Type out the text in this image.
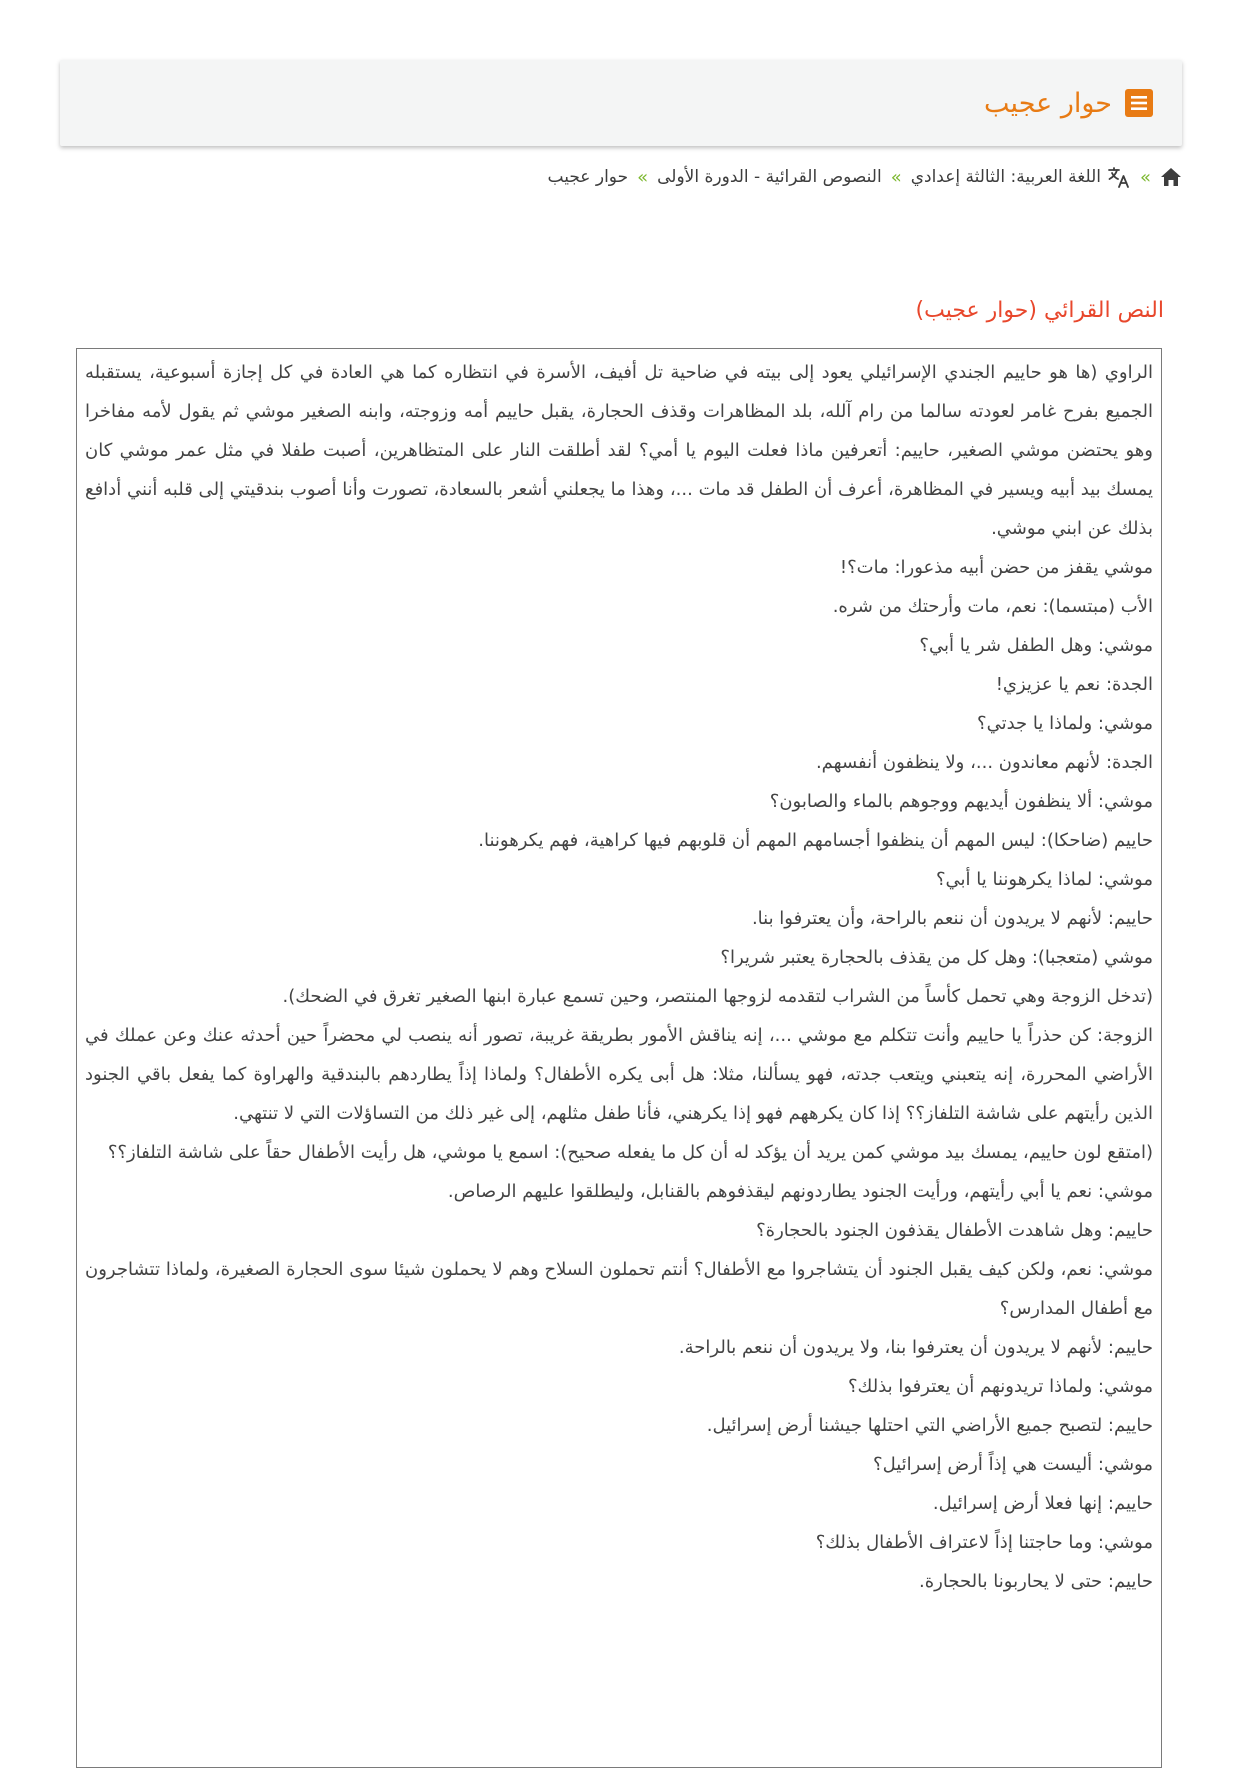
حوار عجيب
»
اللغة العربية: الثالثة إعدادي
»
النصوص القرائية - الدورة الأولى
»
حوار عجيب
النص القرائي (حوار عجيب)

الراوي (ها هو حاييم الجندي الإسرائيلي يعود إلى بيته في ضاحية تل أفيف، الأسرة في انتظاره كما هي العادة في كل إجازة أسبوعية، يستقبله الجميع بفرح غامر لعودته سالما من رام آلله، بلد المظاهرات وقذف الحجارة، يقبل حاييم أمه وزوجته، وابنه الصغير موشي ثم يقول لأمه مفاخرا وهو يحتضن موشي الصغير، حاييم: أتعرفين ماذا فعلت اليوم يا أمي؟ لقد أطلقت النار على المتظاهرين، أصبت طفلا في مثل عمر موشي كان يمسك بيد أبيه ويسير في المظاهرة، أعرف أن الطفل قد مات ...، وهذا ما يجعلني أشعر بالسعادة، تصورت وأنا أصوب بندقيتي إلى قلبه أنني أدافع بذلك عن ابني موشي.

موشي يقفز من حضن أبيه مذعورا: مات؟!

الأب (مبتسما): نعم، مات وأرحتك من شره.

موشي: وهل الطفل شر يا أبي؟

الجدة: نعم يا عزيزي!

موشي: ولماذا يا جدتي؟

الجدة: لأنهم معاندون ...، ولا ينظفون أنفسهم.

موشي: ألا ينظفون أيديهم ووجوهم بالماء والصابون؟

حاييم (ضاحكا): ليس المهم أن ينظفوا أجسامهم المهم أن قلوبهم فيها كراهية، فهم يكرهوننا.

موشي: لماذا يكرهوننا يا أبي؟

حاييم: لأنهم لا يريدون أن ننعم بالراحة، وأن يعترفوا بنا.

موشي (متعجبا): وهل كل من يقذف بالحجارة يعتبر شريرا؟

(تدخل الزوجة وهي تحمل كأساً من الشراب لتقدمه لزوجها المنتصر، وحين تسمع عبارة ابنها الصغير تغرق في الضحك).

الزوجة: كن حذراً يا حاييم وأنت تتكلم مع موشي ...، إنه يناقش الأمور بطريقة غريبة، تصور أنه ينصب لي محضراً حين أحدثه عنك وعن عملك في الأراضي المحررة، إنه يتعبني ويتعب جدته، فهو يسألنا، مثلا: هل أبى يكره الأطفال؟ ولماذا إذاً يطاردهم بالبندقية والهراوة كما يفعل باقي الجنود الذين رأيتهم على شاشة التلفاز؟؟ إذا كان يكرههم فهو إذا يكرهني، فأنا طفل مثلهم، إلى غير ذلك من التساؤلات التي لا تنتهي.

(امتقع لون حاييم، يمسك بيد موشي كمن يريد أن يؤكد له أن كل ما يفعله صحيح): اسمع يا موشي، هل رأيت الأطفال حقاً على شاشة التلفاز؟؟

موشي: نعم يا أبي رأيتهم، ورأيت الجنود يطاردونهم ليقذفوهم بالقنابل، وليطلقوا عليهم الرصاص.

حاييم: وهل شاهدت الأطفال يقذفون الجنود بالحجارة؟

موشي: نعم، ولكن كيف يقبل الجنود أن يتشاجروا مع الأطفال؟ أنتم تحملون السلاح وهم لا يحملون شيئا سوى الحجارة الصغيرة، ولماذا تتشاجرون مع أطفال المدارس؟

حاييم: لأنهم لا يريدون أن يعترفوا بنا، ولا يريدون أن ننعم بالراحة.

موشي: ولماذا تريدونهم أن يعترفوا بذلك؟

حاييم: لتصبح جميع الأراضي التي احتلها جيشنا أرض إسرائيل.

موشي: أليست هي إذاً أرض إسرائيل؟

حاييم: إنها فعلا أرض إسرائيل.

موشي: وما حاجتنا إذاً لاعتراف الأطفال بذلك؟

حاييم: حتى لا يحاربونا بالحجارة.
